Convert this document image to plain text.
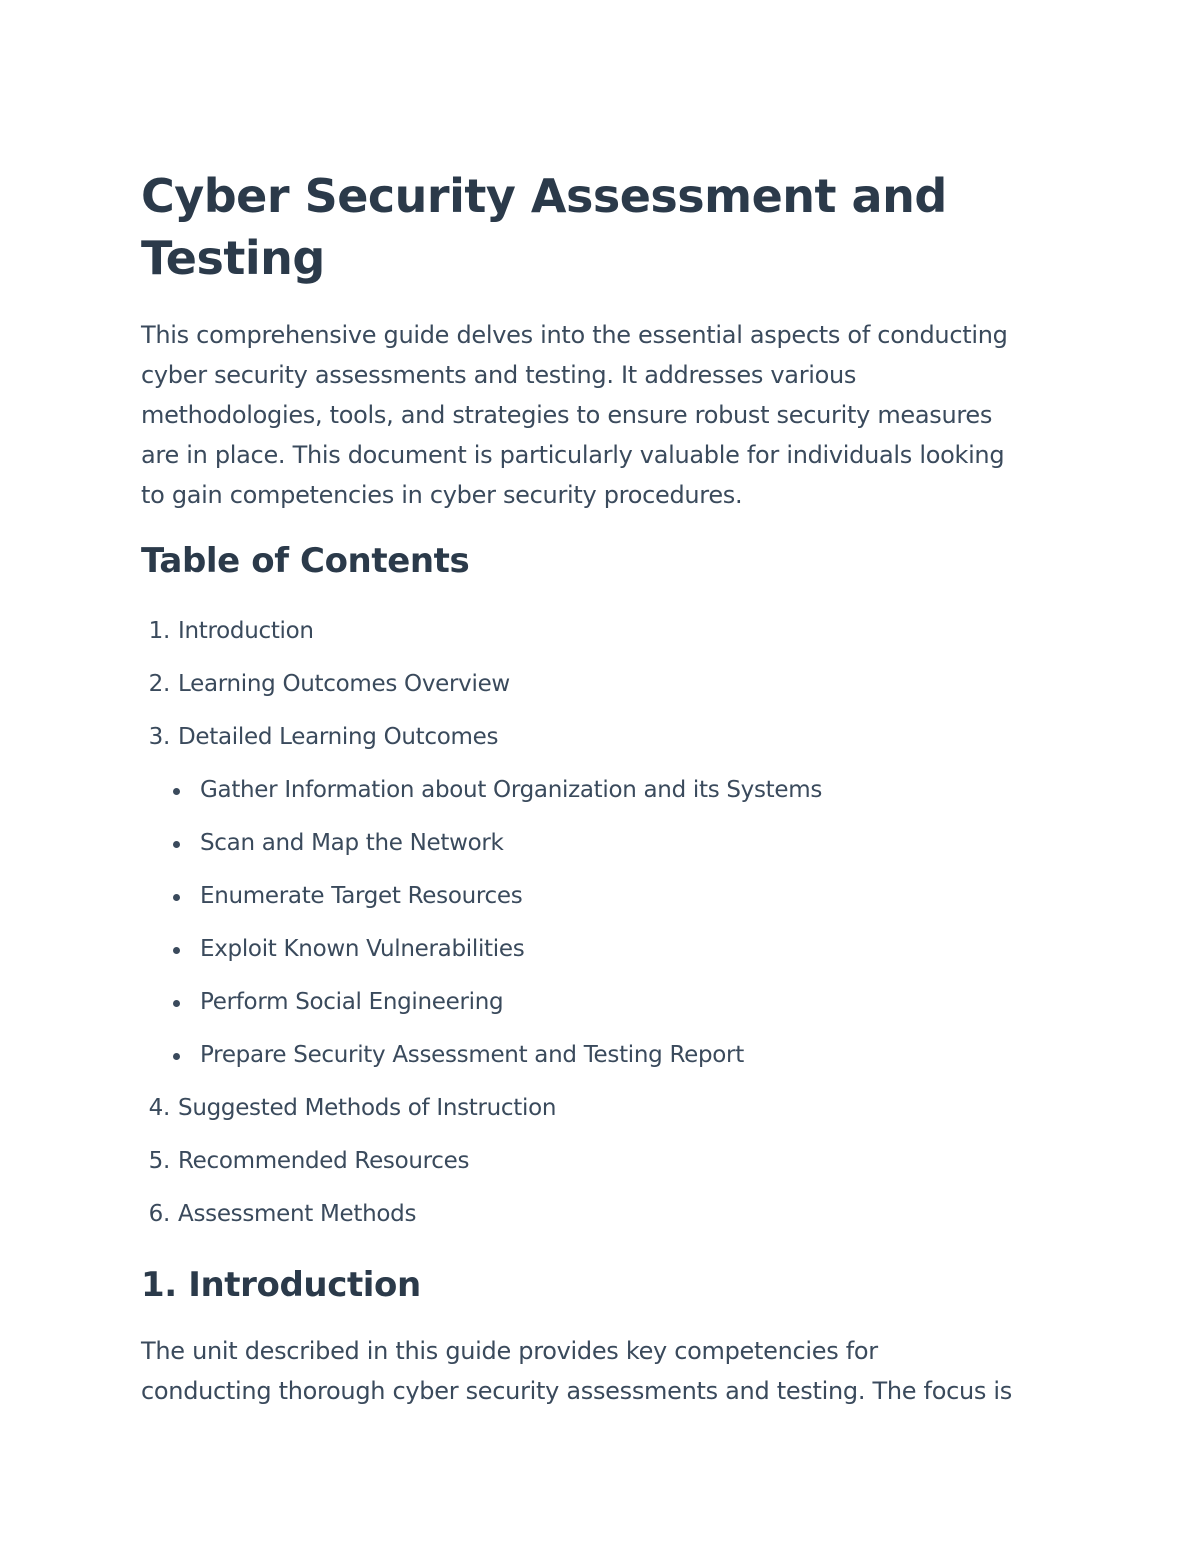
Cyber Security Assessment and
Testing

This comprehensive guide delves into the essential aspects of conducting
cyber security assessments and testing. It addresses various
methodologies, tools, and strategies to ensure robust security measures
are in place. This document is particularly valuable for individuals looking
to gain competencies in cyber security procedures.

Table of Contents
1. Introduction
2. Learning Outcomes Overview
3. Detailed Learning Outcomes
Gather Information about Organization and its Systems
Scan and Map the Network
Enumerate Target Resources
Exploit Known Vulnerabilities
Perform Social Engineering
Prepare Security Assessment and Testing Report
4. Suggested Methods of Instruction
5. Recommended Resources
6. Assessment Methods
1. Introduction

The unit described in this guide provides key competencies for
conducting thorough cyber security assessments and testing. The focus is
